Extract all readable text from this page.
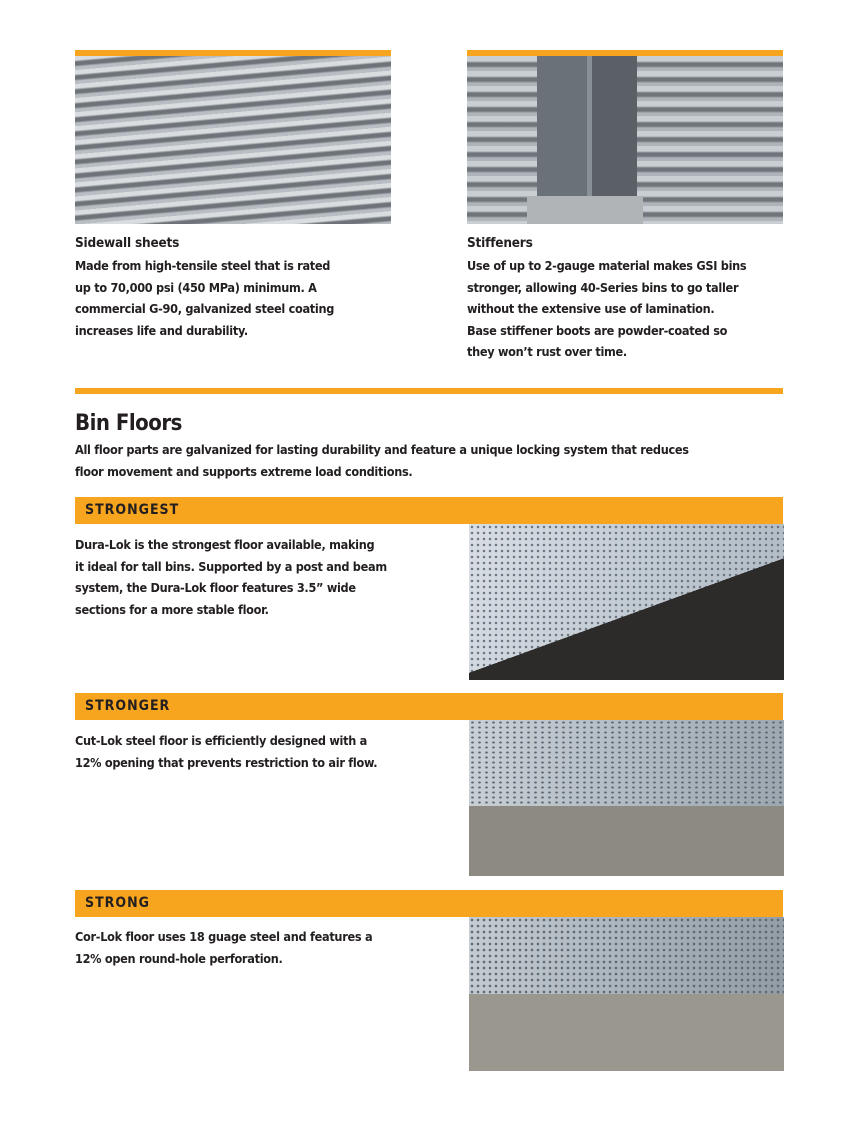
Sidewall sheets
Made from high-tensile steel that is rated
up to 70,000 psi (450 MPa) minimum. A
commercial G-90, galvanized steel coating
increases life and durability.
Stiffeners
Use of up to 2-gauge material makes GSI bins
stronger, allowing 40-Series bins to go taller
without the extensive use of lamination.
Base stiffener boots are powder-coated so
they won’t rust over time.
Bin Floors
All floor parts are galvanized for lasting durability and feature a unique locking system that reduces
floor movement and supports extreme load conditions.
STRONGEST
Dura-Lok is the strongest floor available, making
it ideal for tall bins. Supported by a post and beam
system, the Dura-Lok floor features 3.5” wide
sections for a more stable floor.
STRONGER
Cut-Lok steel floor is efficiently designed with a
12% opening that prevents restriction to air flow.
STRONG
Cor-Lok floor uses 18 guage steel and features a
12% open round-hole perforation.
